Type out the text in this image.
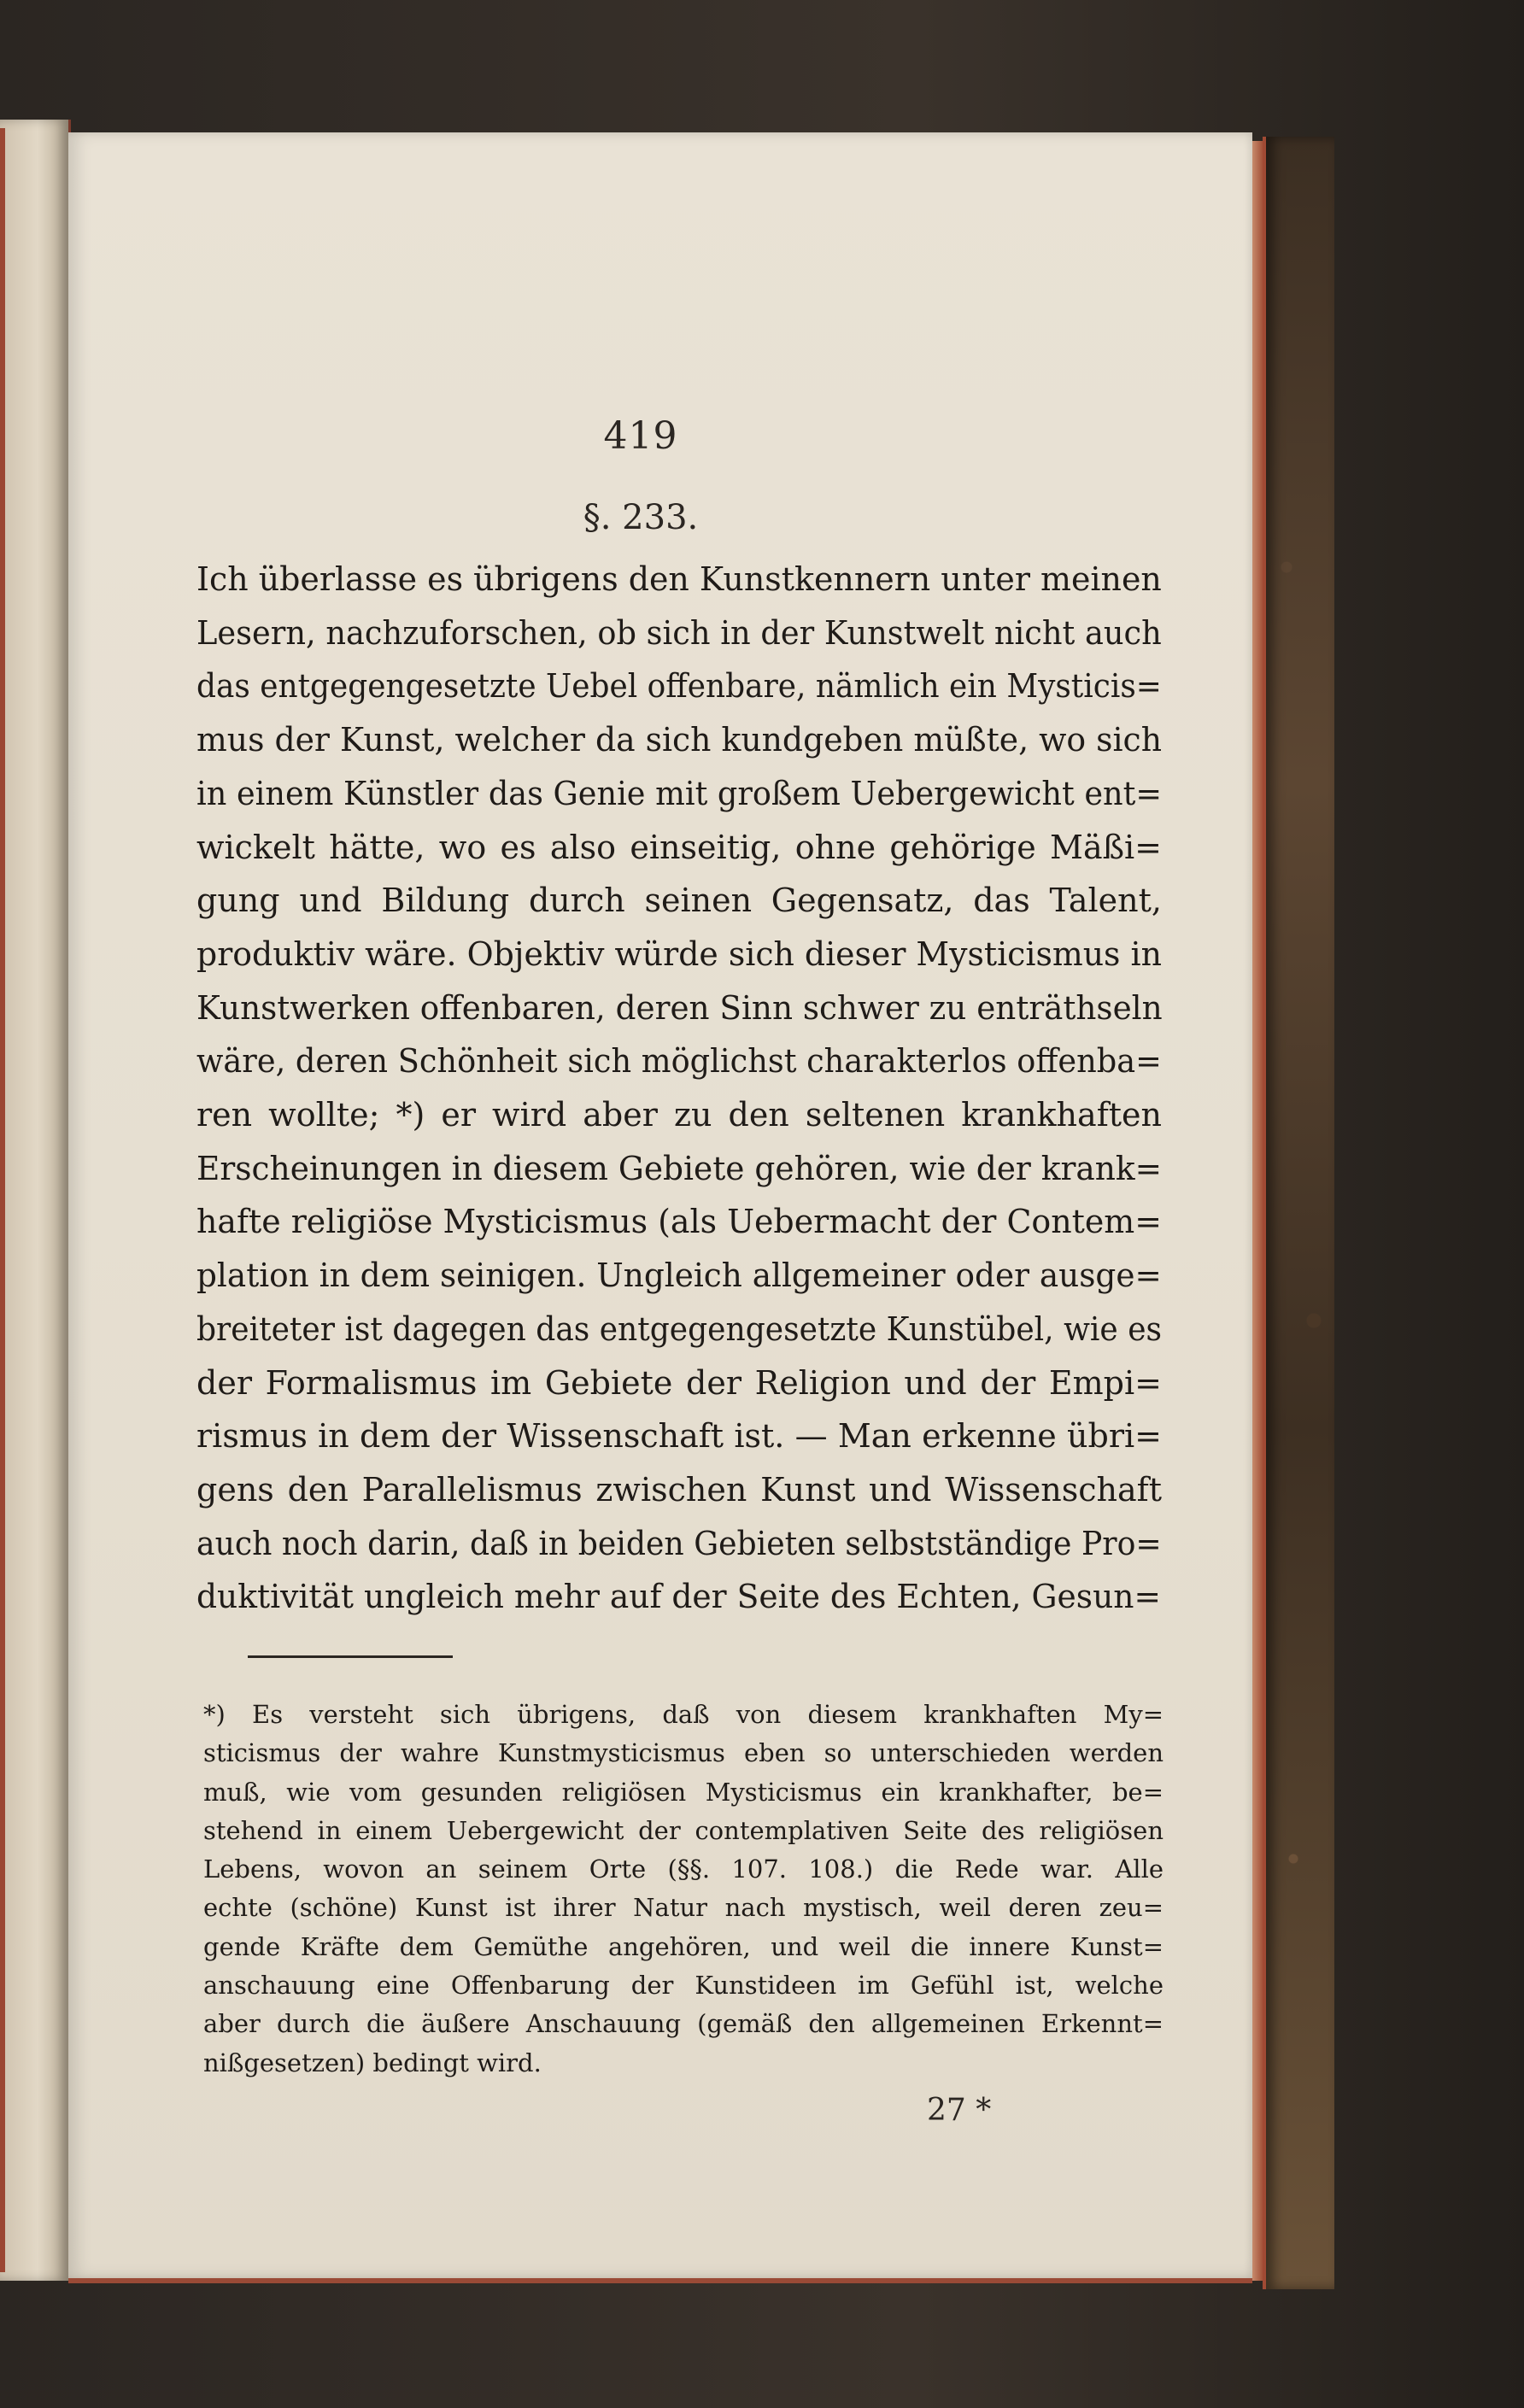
419
§. 233.
Ich überlasse es übrigens den Kunstkennern unter meinen
Lesern, nachzuforschen, ob sich in der Kunstwelt nicht auch
das entgegengesetzte Uebel offenbare, nämlich ein Mysticis=
mus der Kunst, welcher da sich kundgeben müßte, wo sich
in einem Künstler das Genie mit großem Uebergewicht ent=
wickelt hätte, wo es also einseitig, ohne gehörige Mäßi=
gung und Bildung durch seinen Gegensatz, das Talent,
produktiv wäre. Objektiv würde sich dieser Mysticismus in
Kunstwerken offenbaren, deren Sinn schwer zu enträthseln
wäre, deren Schönheit sich möglichst charakterlos offenba=
ren wollte; *) er wird aber zu den seltenen krankhaften
Erscheinungen in diesem Gebiete gehören, wie der krank=
hafte religiöse Mysticismus (als Uebermacht der Contem=
plation in dem seinigen. Ungleich allgemeiner oder ausge=
breiteter ist dagegen das entgegengesetzte Kunstübel, wie es
der Formalismus im Gebiete der Religion und der Empi=
rismus in dem der Wissenschaft ist. — Man erkenne übri=
gens den Parallelismus zwischen Kunst und Wissenschaft
auch noch darin, daß in beiden Gebieten selbstständige Pro=
duktivität ungleich mehr auf der Seite des Echten, Gesun=
*) Es versteht sich übrigens, daß von diesem krankhaften My=
sticismus der wahre Kunstmysticismus eben so unterschieden werden
muß, wie vom gesunden religiösen Mysticismus ein krankhafter, be=
stehend in einem Uebergewicht der contemplativen Seite des religiösen
Lebens, wovon an seinem Orte (§§. 107. 108.) die Rede war. Alle
echte (schöne) Kunst ist ihrer Natur nach mystisch, weil deren zeu=
gende Kräfte dem Gemüthe angehören, und weil die innere Kunst=
anschauung eine Offenbarung der Kunstideen im Gefühl ist, welche
aber durch die äußere Anschauung (gemäß den allgemeinen Erkennt=
nißgesetzen) bedingt wird.
27 *
